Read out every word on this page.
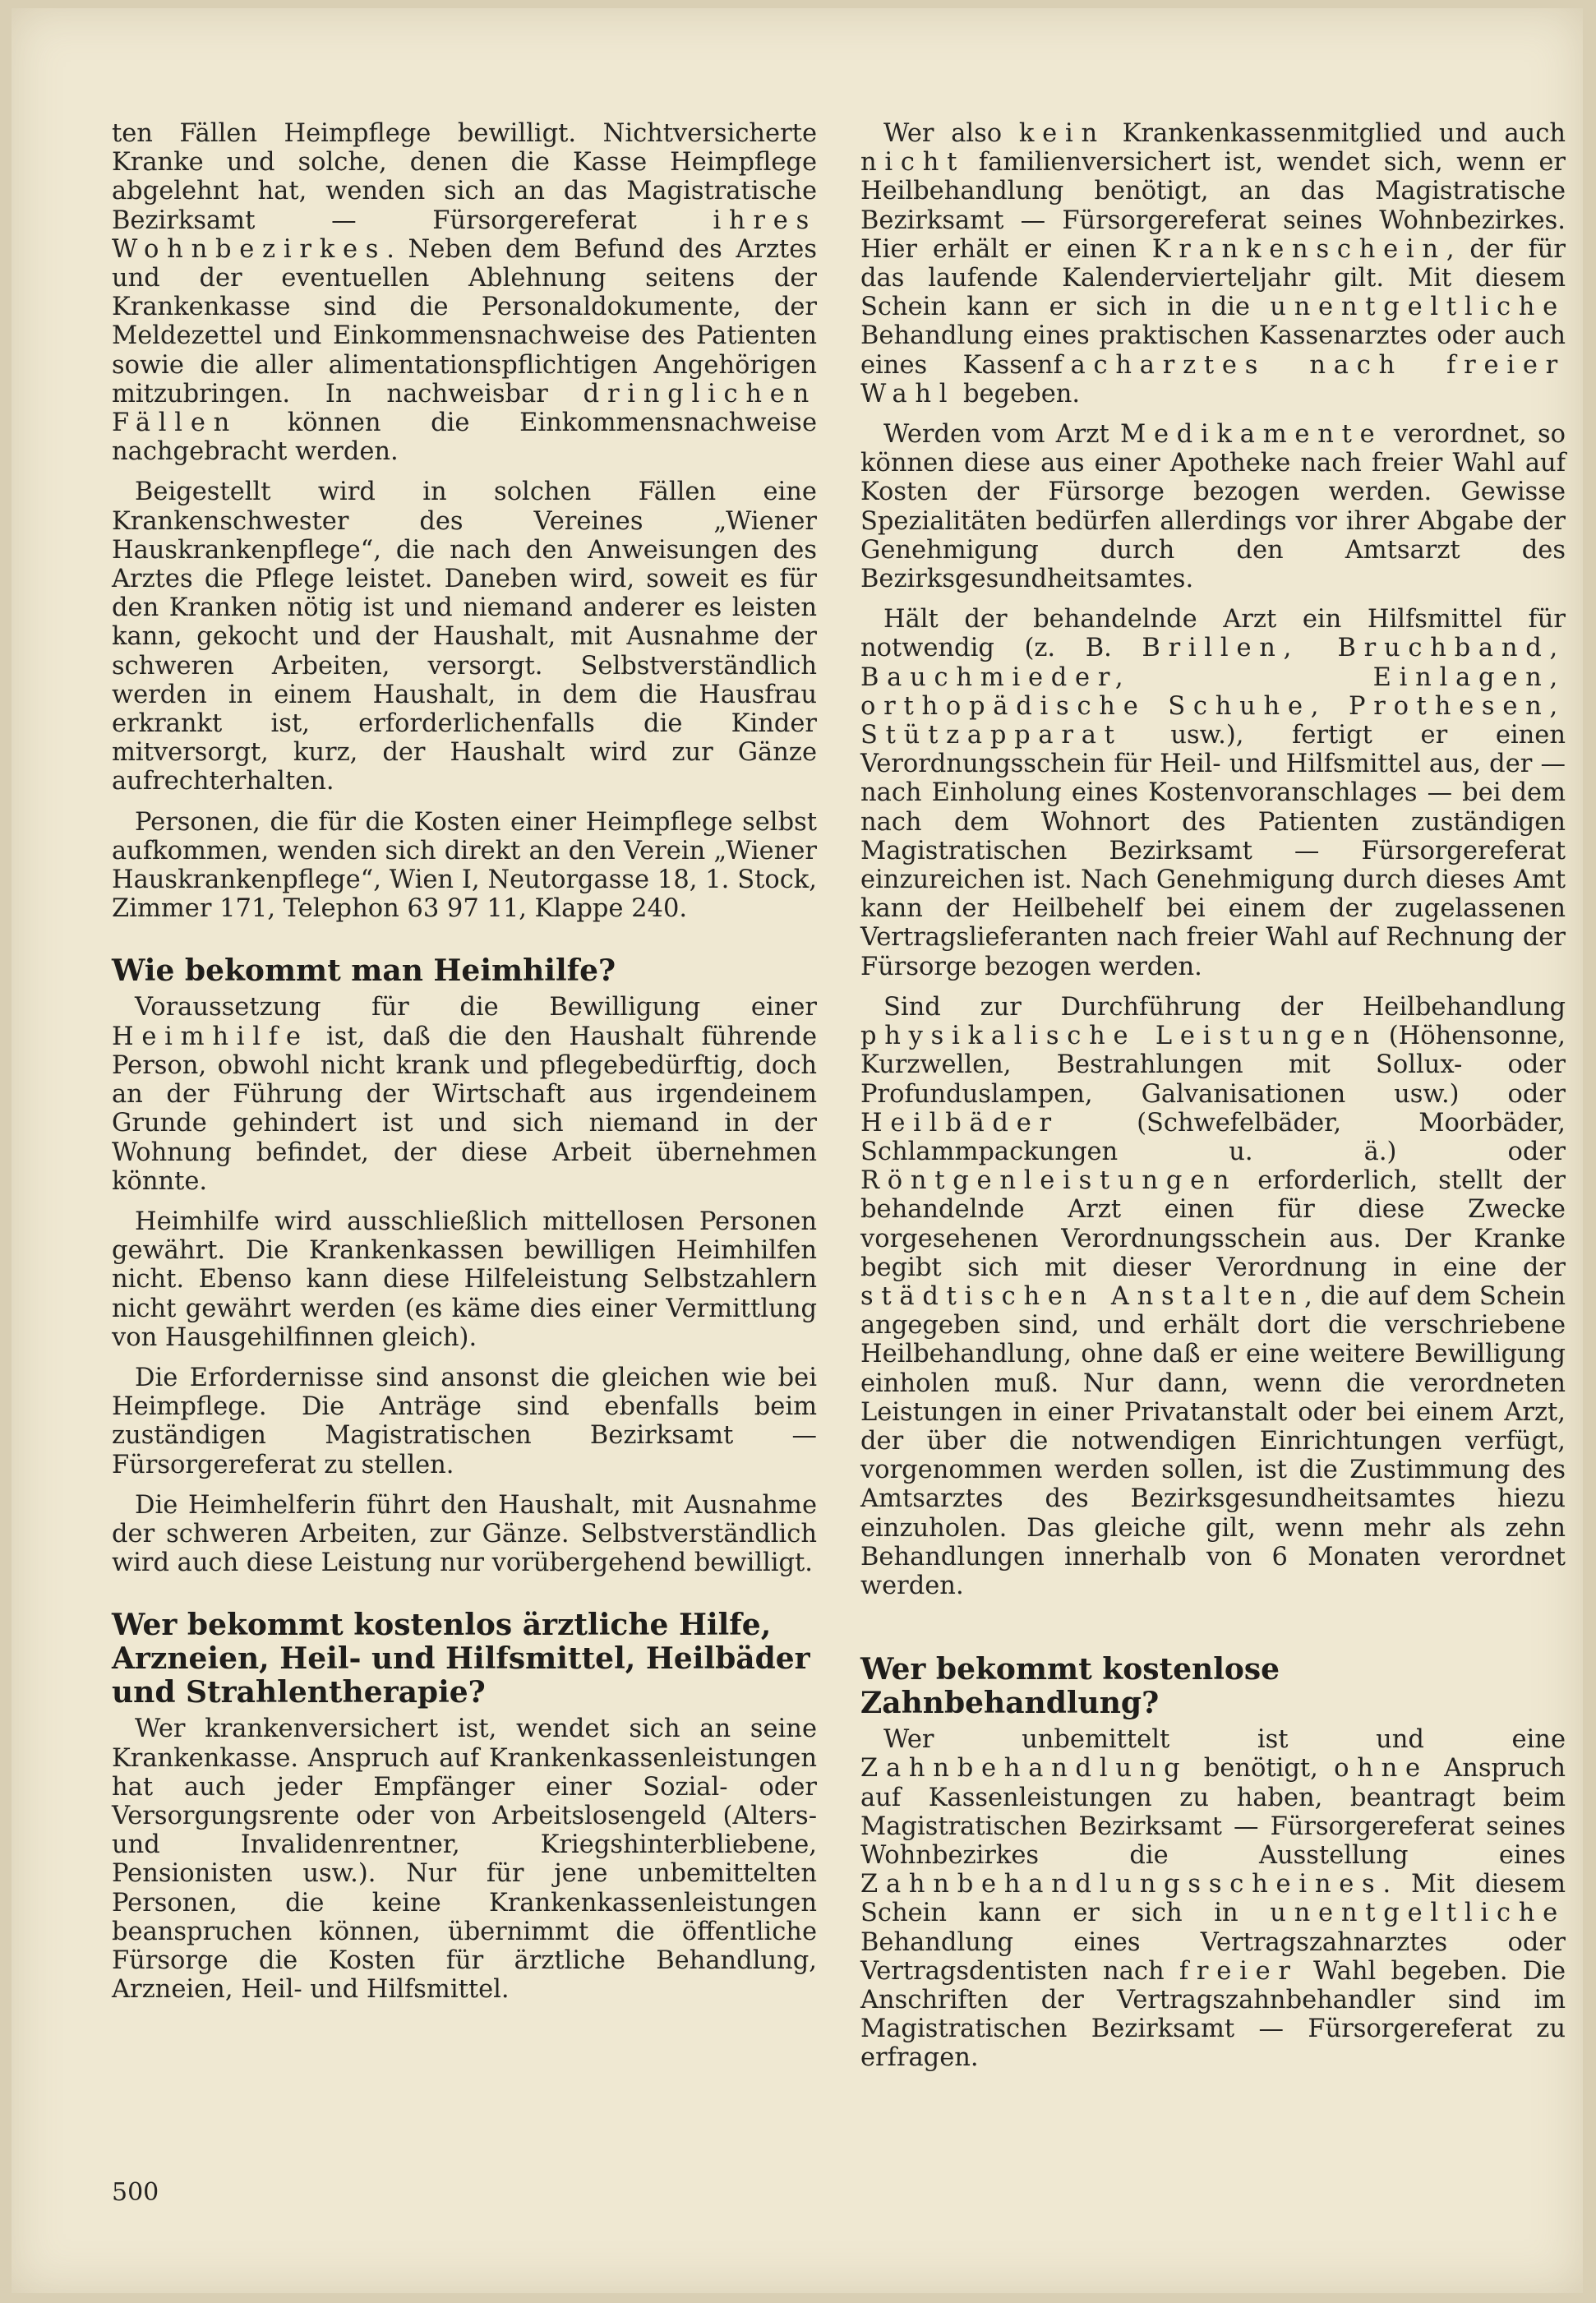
ten Fällen Heimpflege bewilligt. Nichtversicherte Kranke und solche, denen die Kasse Heimpflege abgelehnt hat, wenden sich an das Magistratische Bezirksamt — Fürsorgereferat ihres Wohnbezirkes. Neben dem Befund des Arztes und der eventuellen Ablehnung seitens der Krankenkasse sind die Personaldokumente, der Meldezettel und Einkommensnachweise des Patienten sowie die aller alimentationspflichtigen Angehörigen mitzubringen. In nachweisbar dringlichen Fällen können die Einkommensnachweise nachgebracht werden.

Beigestellt wird in solchen Fällen eine Krankenschwester des Vereines „Wiener Hauskrankenpflege“, die nach den Anweisungen des Arztes die Pflege leistet. Daneben wird, soweit es für den Kranken nötig ist und niemand anderer es leisten kann, gekocht und der Haushalt, mit Ausnahme der schweren Arbeiten, versorgt. Selbstverständlich werden in einem Haushalt, in dem die Hausfrau erkrankt ist, erforderlichenfalls die Kinder mitversorgt, kurz, der Haushalt wird zur Gänze aufrechterhalten.

Personen, die für die Kosten einer Heimpflege selbst aufkommen, wenden sich direkt an den Verein „Wiener Hauskrankenpflege“, Wien I, Neutorgasse 18, 1. Stock, Zimmer 171, Telephon 63 97 11, Klappe 240.

Wie bekommt man Heimhilfe?

Voraussetzung für die Bewilligung einer Heimhilfe ist, daß die den Haushalt führende Person, obwohl nicht krank und pflegebedürftig, doch an der Führung der Wirtschaft aus irgendeinem Grunde gehindert ist und sich niemand in der Wohnung befindet, der diese Arbeit übernehmen könnte.

Heimhilfe wird ausschließlich mittellosen Personen gewährt. Die Krankenkassen bewilligen Heimhilfen nicht. Ebenso kann diese Hilfeleistung Selbstzahlern nicht gewährt werden (es käme dies einer Vermittlung von Hausgehilfinnen gleich).

Die Erfordernisse sind ansonst die gleichen wie bei Heimpflege. Die Anträge sind ebenfalls beim zuständigen Magistratischen Bezirksamt — Fürsorgereferat zu stellen.

Die Heimhelferin führt den Haushalt, mit Ausnahme der schweren Arbeiten, zur Gänze. Selbstverständlich wird auch diese Leistung nur vorübergehend bewilligt.

Wer bekommt kostenlos ärztliche Hilfe, Arzneien, Heil- und Hilfsmittel, Heilbäder und Strahlentherapie?

Wer krankenversichert ist, wendet sich an seine Krankenkasse. Anspruch auf Krankenkassenleistungen hat auch jeder Empfänger einer Sozial- oder Versorgungsrente oder von Arbeitslosengeld (Alters- und Invalidenrentner, Kriegshinterbliebene, Pensionisten usw.). Nur für jene unbemittelten Personen, die keine Krankenkassenleistungen beanspruchen können, übernimmt die öffentliche Fürsorge die Kosten für ärztliche Behandlung, Arzneien, Heil- und Hilfsmittel.

Wer also kein Krankenkassenmitglied und auch nicht familienversichert ist, wendet sich, wenn er Heilbehandlung benötigt, an das Magistratische Bezirksamt — Fürsorgereferat seines Wohnbezirkes. Hier erhält er einen Krankenschein, der für das laufende Kalendervierteljahr gilt. Mit diesem Schein kann er sich in die unentgeltliche Behandlung eines praktischen Kassenarztes oder auch eines Kassenfacharztes nach freier Wahl begeben.

Werden vom Arzt Medikamente verordnet, so können diese aus einer Apotheke nach freier Wahl auf Kosten der Fürsorge bezogen werden. Gewisse Spezialitäten bedürfen allerdings vor ihrer Abgabe der Genehmigung durch den Amtsarzt des Bezirksgesundheitsamtes.

Hält der behandelnde Arzt ein Hilfsmittel für notwendig (z. B. Brillen, Bruchband, Bauchmieder, Einlagen, orthopädische Schuhe, Prothesen, Stützapparat usw.), fertigt er einen Verordnungsschein für Heil- und Hilfsmittel aus, der — nach Einholung eines Kostenvoranschlages — bei dem nach dem Wohnort des Patienten zuständigen Magistratischen Bezirksamt — Fürsorgereferat einzureichen ist. Nach Genehmigung durch dieses Amt kann der Heilbehelf bei einem der zugelassenen Vertragslieferanten nach freier Wahl auf Rechnung der Fürsorge bezogen werden.

Sind zur Durchführung der Heilbehandlung physikalische Leistungen (Höhensonne, Kurzwellen, Bestrahlungen mit Sollux- oder Profunduslampen, Galvanisationen usw.) oder Heilbäder (Schwefelbäder, Moorbäder, Schlammpackungen u. ä.) oder Röntgenleistungen erforderlich, stellt der behandelnde Arzt einen für diese Zwecke vorgesehenen Verordnungsschein aus. Der Kranke begibt sich mit dieser Verordnung in eine der städtischen Anstalten, die auf dem Schein angegeben sind, und erhält dort die verschriebene Heilbehandlung, ohne daß er eine weitere Bewilligung einholen muß. Nur dann, wenn die verordneten Leistungen in einer Privatanstalt oder bei einem Arzt, der über die notwendigen Einrichtungen verfügt, vorgenommen werden sollen, ist die Zustimmung des Amtsarztes des Bezirksgesundheitsamtes hiezu einzuholen. Das gleiche gilt, wenn mehr als zehn Behandlungen innerhalb von 6 Monaten verordnet werden.

Wer bekommt kostenlose Zahnbehandlung?

Wer unbemittelt ist und eine Zahnbehandlung benötigt, ohne Anspruch auf Kassenleistungen zu haben, beantragt beim Magistratischen Bezirksamt — Fürsorgereferat seines Wohnbezirkes die Ausstellung eines Zahnbehandlungsscheines. Mit diesem Schein kann er sich in unentgeltliche Behandlung eines Vertragszahnarztes oder Vertragsdentisten nach freier Wahl begeben. Die Anschriften der Vertragszahnbehandler sind im Magistratischen Bezirksamt — Fürsorgereferat zu erfragen.

500
